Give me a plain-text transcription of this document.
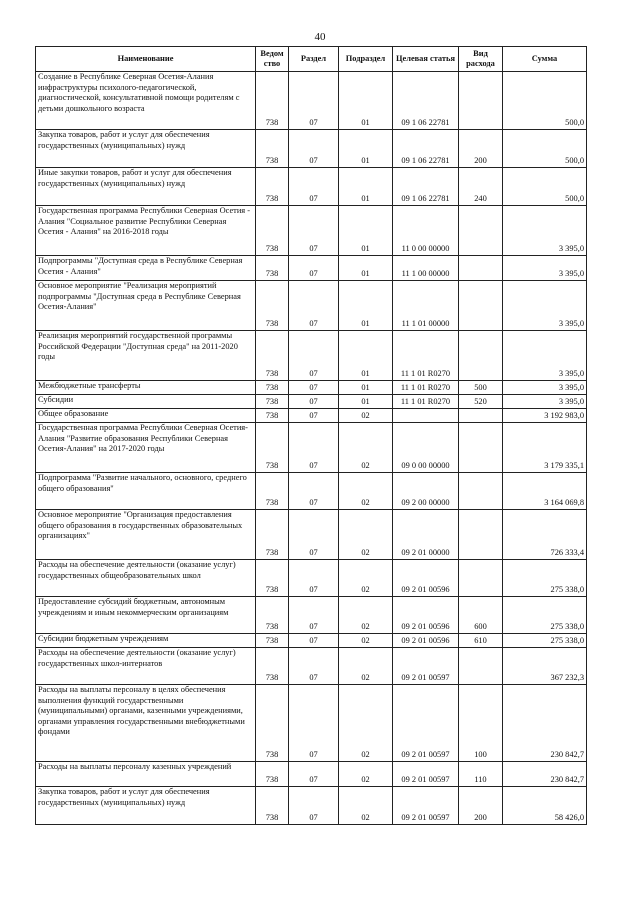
40
Наименование	Ведом ство	Раздел	Подраздел	Целевая статья	Вид расхода	Сумма
Создание в Республике Северная Осетия-Алания инфраструктуры психолого-педагогической, диагностической, консультативной помощи родителям с детьми дошкольного возраста	738	07	01	09 1 06 22781		500,0
Закупка товаров, работ и услуг для обеспечения государственных (муниципальных) нужд	738	07	01	09 1 06 22781	200	500,0
Иные закупки товаров, работ и услуг для обеспечения государственных (муниципальных) нужд	738	07	01	09 1 06 22781	240	500,0
Государственная программа Республики Северная Осетия - Алания "Социальное развитие Республики Северная Осетия - Алания" на 2016-2018 годы	738	07	01	11 0 00 00000		3 395,0
Подпрограммы "Доступная среда в Республике Северная Осетия - Алания"	738	07	01	11 1 00 00000		3 395,0
Основное мероприятие "Реализация мероприятий подпрограммы "Доступная среда в Республике Северная Осетия-Алания"	738	07	01	11 1 01 00000		3 395,0
Реализация мероприятий государственной программы Российской Федерации "Доступная среда" на 2011-2020 годы	738	07	01	11 1 01 R0270		3 395,0
Межбюджетные трансферты	738	07	01	11 1 01 R0270	500	3 395,0
Субсидии	738	07	01	11 1 01 R0270	520	3 395,0
Общее образование	738	07	02			3 192 983,0
Государственная программа Республики Северная Осетия-Алания "Развитие образования Республики Северная Осетия-Алания" на 2017-2020 годы	738	07	02	09 0 00 00000		3 179 335,1
Подпрограмма "Развитие начального, основного, среднего общего образования"	738	07	02	09 2 00 00000		3 164 069,8
Основное мероприятие "Организация предоставления общего образования в государственных образовательных организациях"	738	07	02	09 2 01 00000		726 333,4
Расходы на обеспечение деятельности (оказание услуг) государственных общеобразовательных школ	738	07	02	09 2 01 00596		275 338,0
Предоставление субсидий бюджетным, автономным учреждениям и иным некоммерческим организациям	738	07	02	09 2 01 00596	600	275 338,0
Субсидии бюджетным учреждениям	738	07	02	09 2 01 00596	610	275 338,0
Расходы на обеспечение деятельности (оказание услуг) государственных школ-интернатов	738	07	02	09 2 01 00597		367 232,3
Расходы на выплаты персоналу в целях обеспечения выполнения функций государственными (муниципальными) органами, казенными учреждениями, органами управления государственными внебюджетными фондами	738	07	02	09 2 01 00597	100	230 842,7
Расходы на выплаты персоналу казенных учреждений	738	07	02	09 2 01 00597	110	230 842,7
Закупка товаров, работ и услуг для обеспечения государственных (муниципальных) нужд	738	07	02	09 2 01 00597	200	58 426,0
